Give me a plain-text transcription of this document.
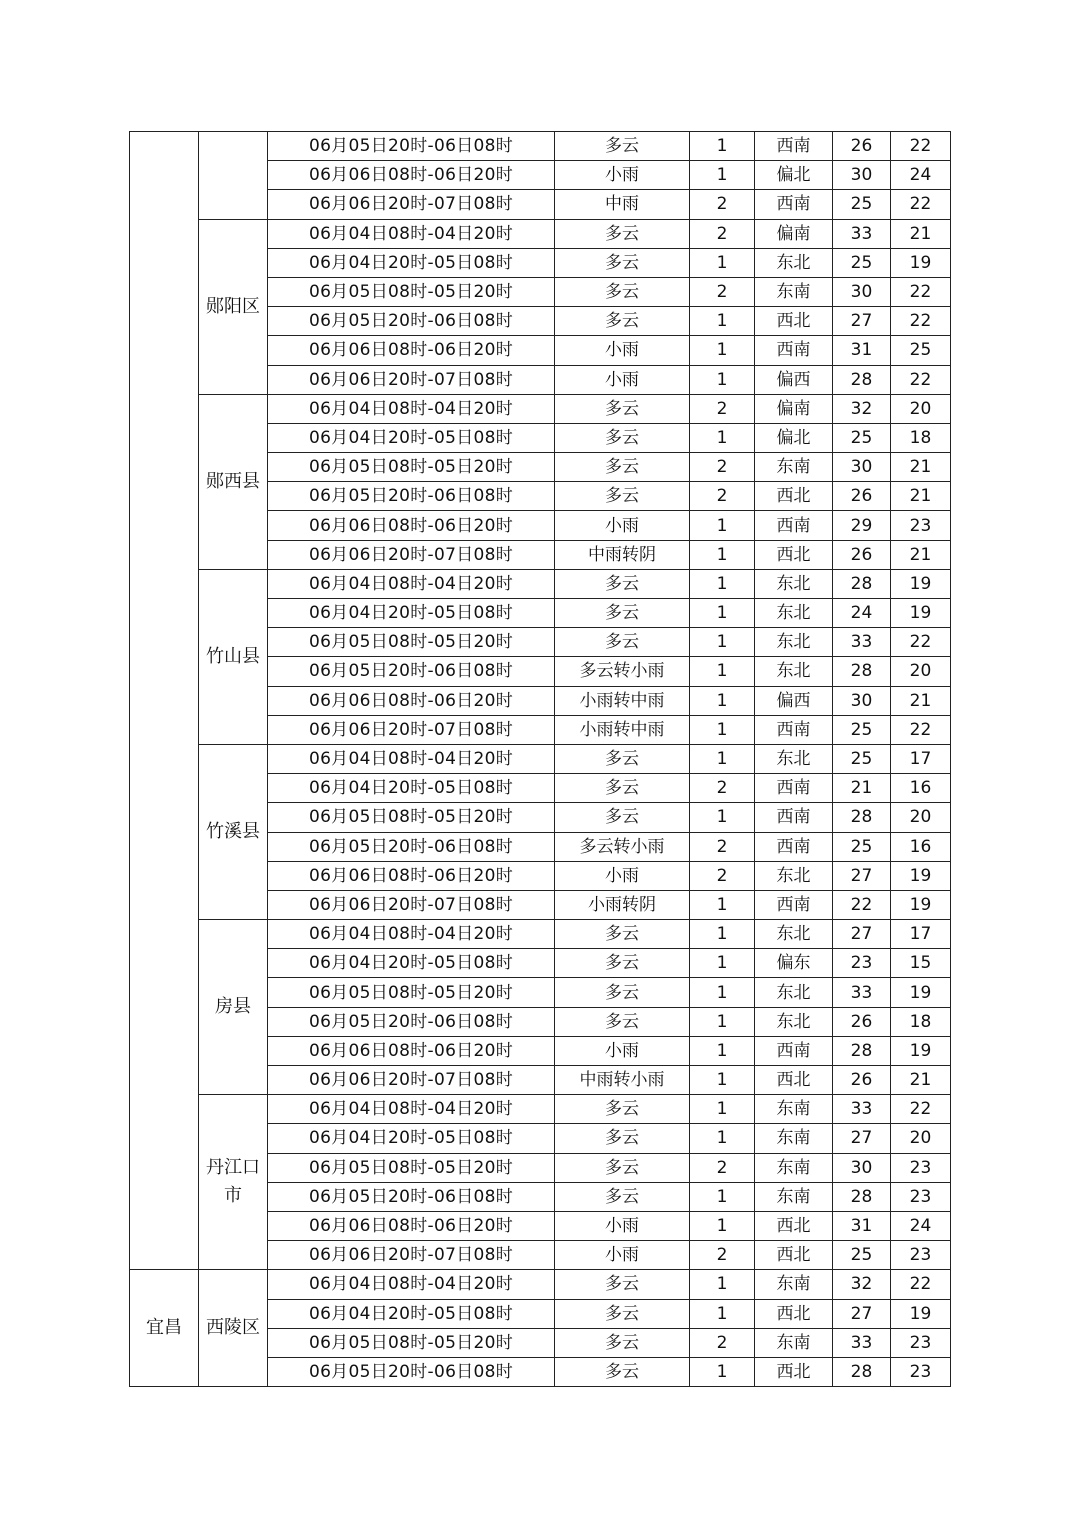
		06月05日20时-06日08时	多云	1	西南	26	22
		06月06日08时-06日20时	小雨	1	偏北	30	24
		06月06日20时-07日08时	中雨	2	西南	25	22
	郧阳区	06月04日08时-04日20时	多云	2	偏南	33	21
		06月04日20时-05日08时	多云	1	东北	25	19
		06月05日08时-05日20时	多云	2	东南	30	22
		06月05日20时-06日08时	多云	1	西北	27	22
		06月06日08时-06日20时	小雨	1	西南	31	25
		06月06日20时-07日08时	小雨	1	偏西	28	22
	郧西县	06月04日08时-04日20时	多云	2	偏南	32	20
		06月04日20时-05日08时	多云	1	偏北	25	18
		06月05日08时-05日20时	多云	2	东南	30	21
		06月05日20时-06日08时	多云	2	西北	26	21
		06月06日08时-06日20时	小雨	1	西南	29	23
		06月06日20时-07日08时	中雨转阴	1	西北	26	21
	竹山县	06月04日08时-04日20时	多云	1	东北	28	19
		06月04日20时-05日08时	多云	1	东北	24	19
		06月05日08时-05日20时	多云	1	东北	33	22
		06月05日20时-06日08时	多云转小雨	1	东北	28	20
		06月06日08时-06日20时	小雨转中雨	1	偏西	30	21
		06月06日20时-07日08时	小雨转中雨	1	西南	25	22
	竹溪县	06月04日08时-04日20时	多云	1	东北	25	17
		06月04日20时-05日08时	多云	2	西南	21	16
		06月05日08时-05日20时	多云	1	西南	28	20
		06月05日20时-06日08时	多云转小雨	2	西南	25	16
		06月06日08时-06日20时	小雨	2	东北	27	19
		06月06日20时-07日08时	小雨转阴	1	西南	22	19
	房县	06月04日08时-04日20时	多云	1	东北	27	17
		06月04日20时-05日08时	多云	1	偏东	23	15
		06月05日08时-05日20时	多云	1	东北	33	19
		06月05日20时-06日08时	多云	1	东北	26	18
		06月06日08时-06日20时	小雨	1	西南	28	19
		06月06日20时-07日08时	中雨转小雨	1	西北	26	21
	丹江口市	06月04日08时-04日20时	多云	1	东南	33	22
		06月04日20时-05日08时	多云	1	东南	27	20
		06月05日08时-05日20时	多云	2	东南	30	23
		06月05日20时-06日08时	多云	1	东南	28	23
		06月06日08时-06日20时	小雨	1	西北	31	24
		06月06日20时-07日08时	小雨	2	西北	25	23
宜昌	西陵区	06月04日08时-04日20时	多云	1	东南	32	22
		06月04日20时-05日08时	多云	1	西北	27	19
		06月05日08时-05日20时	多云	2	东南	33	23
		06月05日20时-06日08时	多云	1	西北	28	23
